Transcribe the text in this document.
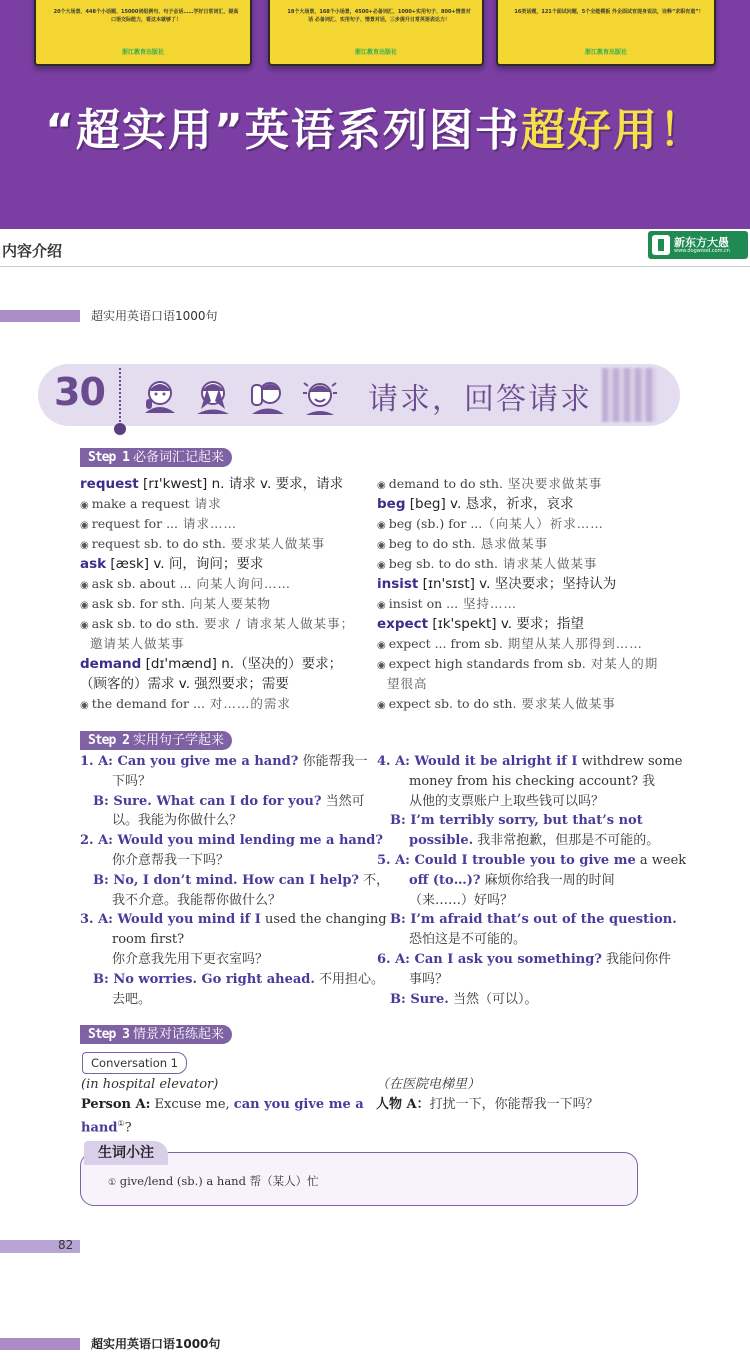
20个大场景、448个小话题、15000词组例句、句子会话……学好日常词汇，提高口语交际能力，看这本就够了！
浙江教育出版社
18个大场景，168个小场景，4500+必备词汇、1000+实用句子、800+情景对话 必备词汇、实用句子、情景对话，三步提升日常英语表达力！
浙江教育出版社
16类话题，121个面试问题，5个全能模板 外企面试官现身说法，诠释“求职有道”！
浙江教育出版社
“超实用”英语系列图书超好用！
内容介绍	新东方大愚
www.dogwood.com.cn
超实用英语口语1000句
30	请求，回答请求
Step 1 必备词汇记起来
request [rɪ'kwest] n. 请求 v. 要求，请求
◉ make a request 请求
◉ request for ... 请求……
◉ request sb. to do sth. 要求某人做某事
ask [æsk] v. 问，询问；要求
◉ ask sb. about ... 向某人询问……
◉ ask sb. for sth. 向某人要某物
◉ ask sb. to do sth. 要求 / 请求某人做某事；
邀请某人做某事
demand [dɪ'mænd] n.（坚决的）要求；
（顾客的）需求 v. 强烈要求；需要
◉ the demand for ... 对……的需求
◉ demand to do sth. 坚决要求做某事
beg [beg] v. 恳求，祈求，哀求
◉ beg (sb.) for ...（向某人）祈求……
◉ beg to do sth. 恳求做某事
◉ beg sb. to do sth. 请求某人做某事
insist [ɪn'sɪst] v. 坚决要求；坚持认为
◉ insist on ... 坚持……
expect [ɪk'spekt] v. 要求；指望
◉ expect ... from sb. 期望从某人那得到……
◉ expect high standards from sb. 对某人的期
望很高
◉ expect sb. to do sth. 要求某人做某事
Step 2 实用句子学起来
1. A: Can you give me a hand? 你能帮我一
下吗？
B: Sure. What can I do for you? 当然可
以。我能为你做什么？
2. A: Would you mind lending me a hand?
你介意帮我一下吗？
B: No, I don’t mind. How can I help? 不，
我不介意。我能帮你做什么？
3. A: Would you mind if I used the changing
room first?
你介意我先用下更衣室吗？
B: No worries. Go right ahead. 不用担心。
去吧。
4. A: Would it be alright if I withdrew some
money from his checking account? 我
从他的支票账户上取些钱可以吗？
B: I’m terribly sorry, but that’s not
possible. 我非常抱歉，但那是不可能的。
5. A: Could I trouble you to give me a week
off (to…)? 麻烦你给我一周的时间
（来……）好吗？
B: I’m afraid that’s out of the question.
恐怕这是不可能的。
6. A: Can I ask you something? 我能问你件
事吗？
B: Sure. 当然（可以）。
Step 3 情景对话练起来
Conversation 1
(in hospital elevator)	（在医院电梯里）
Person A: Excuse me, can you give me a
hand①?
人物 A：打扰一下，你能帮我一下吗？
生词小注
① give/lend (sb.) a hand 帮（某人）忙
82
超实用英语口语1000句
